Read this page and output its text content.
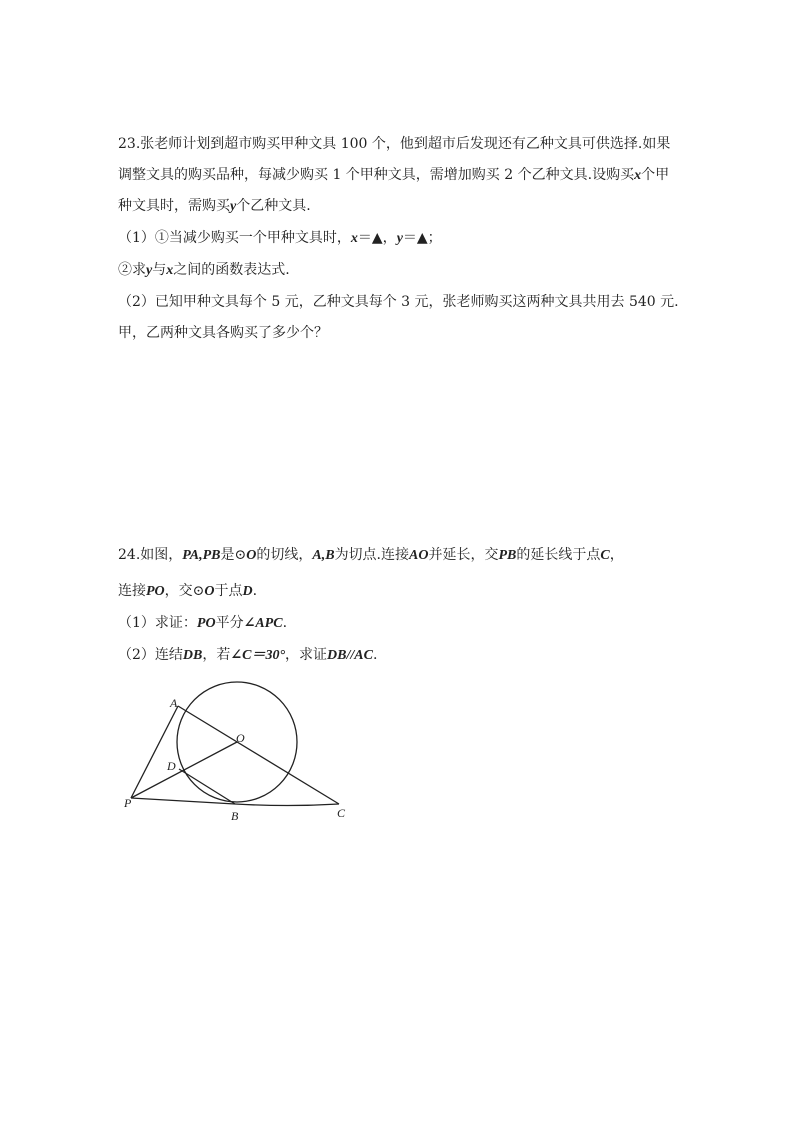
23.张老师计划到超市购买甲种文具 100 个，他到超市后发现还有乙种文具可供选择.如果
调整文具的购买品种，每减少购买 1 个甲种文具，需增加购买 2 个乙种文具.设购买x个甲
种文具时，需购买y个乙种文具.
（1）①当减少购买一个甲种文具时，x＝▲，y＝▲；
②求y与x之间的函数表达式.
（2）已知甲种文具每个 5 元，乙种文具每个 3 元，张老师购买这两种文具共用去 540 元.
甲，乙两种文具各购买了多少个？
24.如图，PA,PB是⊙O的切线，A,B为切点.连接AO并延长，交PB的延长线于点C，
连接PO，交⊙O于点D.
（1）求证：PO平分∠APC.
（2）连结DB，若∠C＝30°，求证DB//AC.
A
O
D
P
B	C
